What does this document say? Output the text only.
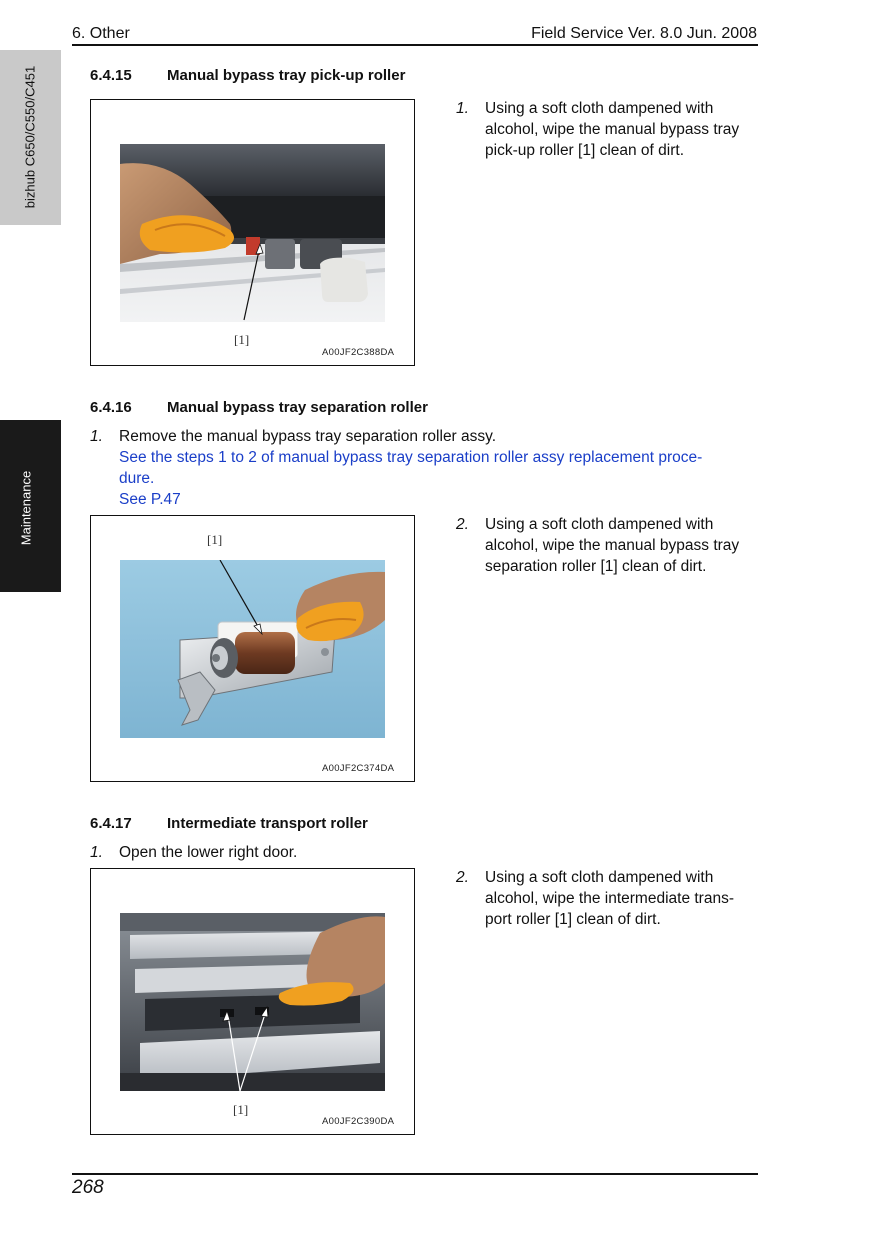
6. Other	Field Service Ver. 8.0 Jun. 2008
bizhub C650/C550/C451
Maintenance
6.4.15 Manual bypass tray pick-up roller
[1]
A00JF2C388DA
1. Using a soft cloth dampened with
alcohol, wipe the manual bypass tray
pick-up roller [1] clean of dirt.
6.4.16 Manual bypass tray separation roller
1. Remove the manual bypass tray separation roller assy.
See the steps 1 to 2 of manual bypass tray separation roller assy replacement proce-
dure.
See P.47
[1]
A00JF2C374DA
2. Using a soft cloth dampened with
alcohol, wipe the manual bypass tray
separation roller [1] clean of dirt.
6.4.17 Intermediate transport roller
1. Open the lower right door.
[1]
A00JF2C390DA
2. Using a soft cloth dampened with
alcohol, wipe the intermediate trans-
port roller [1] clean of dirt.
268
